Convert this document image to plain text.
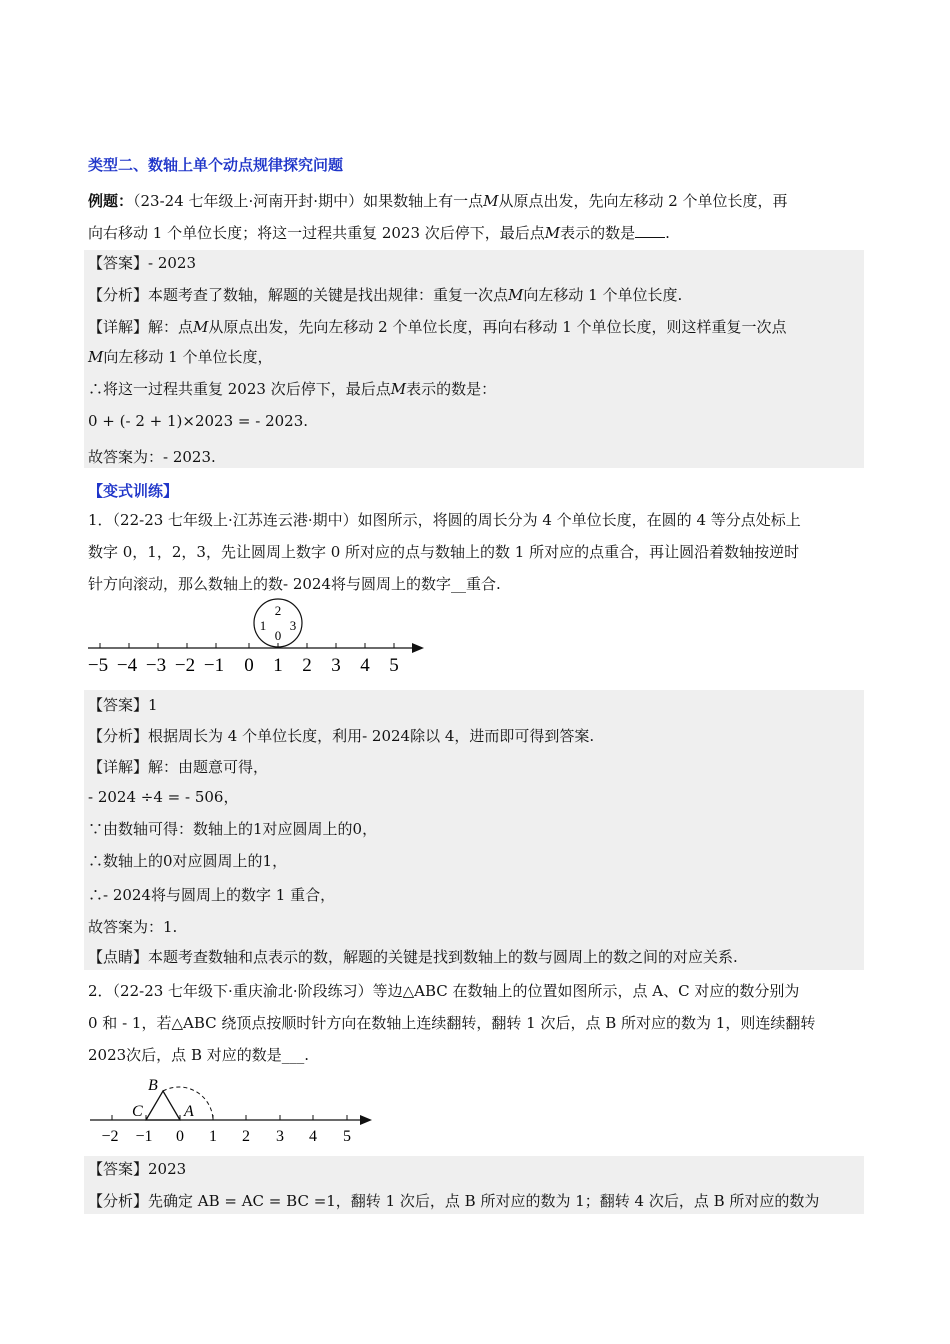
类型二、数轴上单个动点规律探究问题
例题：（23-24 七年级上·河南开封·期中）如果数轴上有一点M从原点出发，先向左移动 2 个单位长度，再
向右移动 1 个单位长度；将这一过程共重复 2023 次后停下，最后点M表示的数是 .
【答案】- 2023
【分析】本题考查了数轴，解题的关键是找出规律：重复一次点M向左移动 1 个单位长度.
【详解】解：点M从原点出发，先向左移动 2 个单位长度，再向右移动 1 个单位长度，则这样重复一次点
M向左移动 1 个单位长度，
∴将这一过程共重复 2023 次后停下，最后点M表示的数是：
0 + (- 2 + 1)×2023 = - 2023.
故答案为：- 2023.
【变式训练】
1．（22-23 七年级上·江苏连云港·期中）如图所示，将圆的周长分为 4 个单位长度，在圆的 4 等分点处标上
数字 0，1，2，3，先让圆周上数字 0 所对应的点与数轴上的数 1 所对应的点重合，再让圆沿着数轴按逆时
针方向滚动，那么数轴上的数- 2024将与圆周上的数字__重合.
−5 −4 −3 −2 −1 0 1 2 3 4 5
2
1 3
0
【答案】1
【分析】根据周长为 4 个单位长度，利用- 2024除以 4，进而即可得到答案.
【详解】解：由题意可得，
- 2024 ÷4 = - 506，
∵由数轴可得：数轴上的1对应圆周上的0，
∴数轴上的0对应圆周上的1，
∴- 2024将与圆周上的数字 1 重合，
故答案为：1.
【点睛】本题考查数轴和点表示的数，解题的关键是找到数轴上的数与圆周上的数之间的对应关系.
2．（22-23 七年级下·重庆渝北·阶段练习）等边△ABC 在数轴上的位置如图所示，点 A、C 对应的数分别为
0 和 - 1，若△ABC 绕顶点按顺时针方向在数轴上连续翻转，翻转 1 次后，点 B 所对应的数为 1，则连续翻转
2023次后，点 B 对应的数是___.
−2 −1 0 1 2 3 4 5
B
C	A
【答案】2023
【分析】先确定 AB = AC = BC =1，翻转 1 次后，点 B 所对应的数为 1；翻转 4 次后，点 B 所对应的数为
